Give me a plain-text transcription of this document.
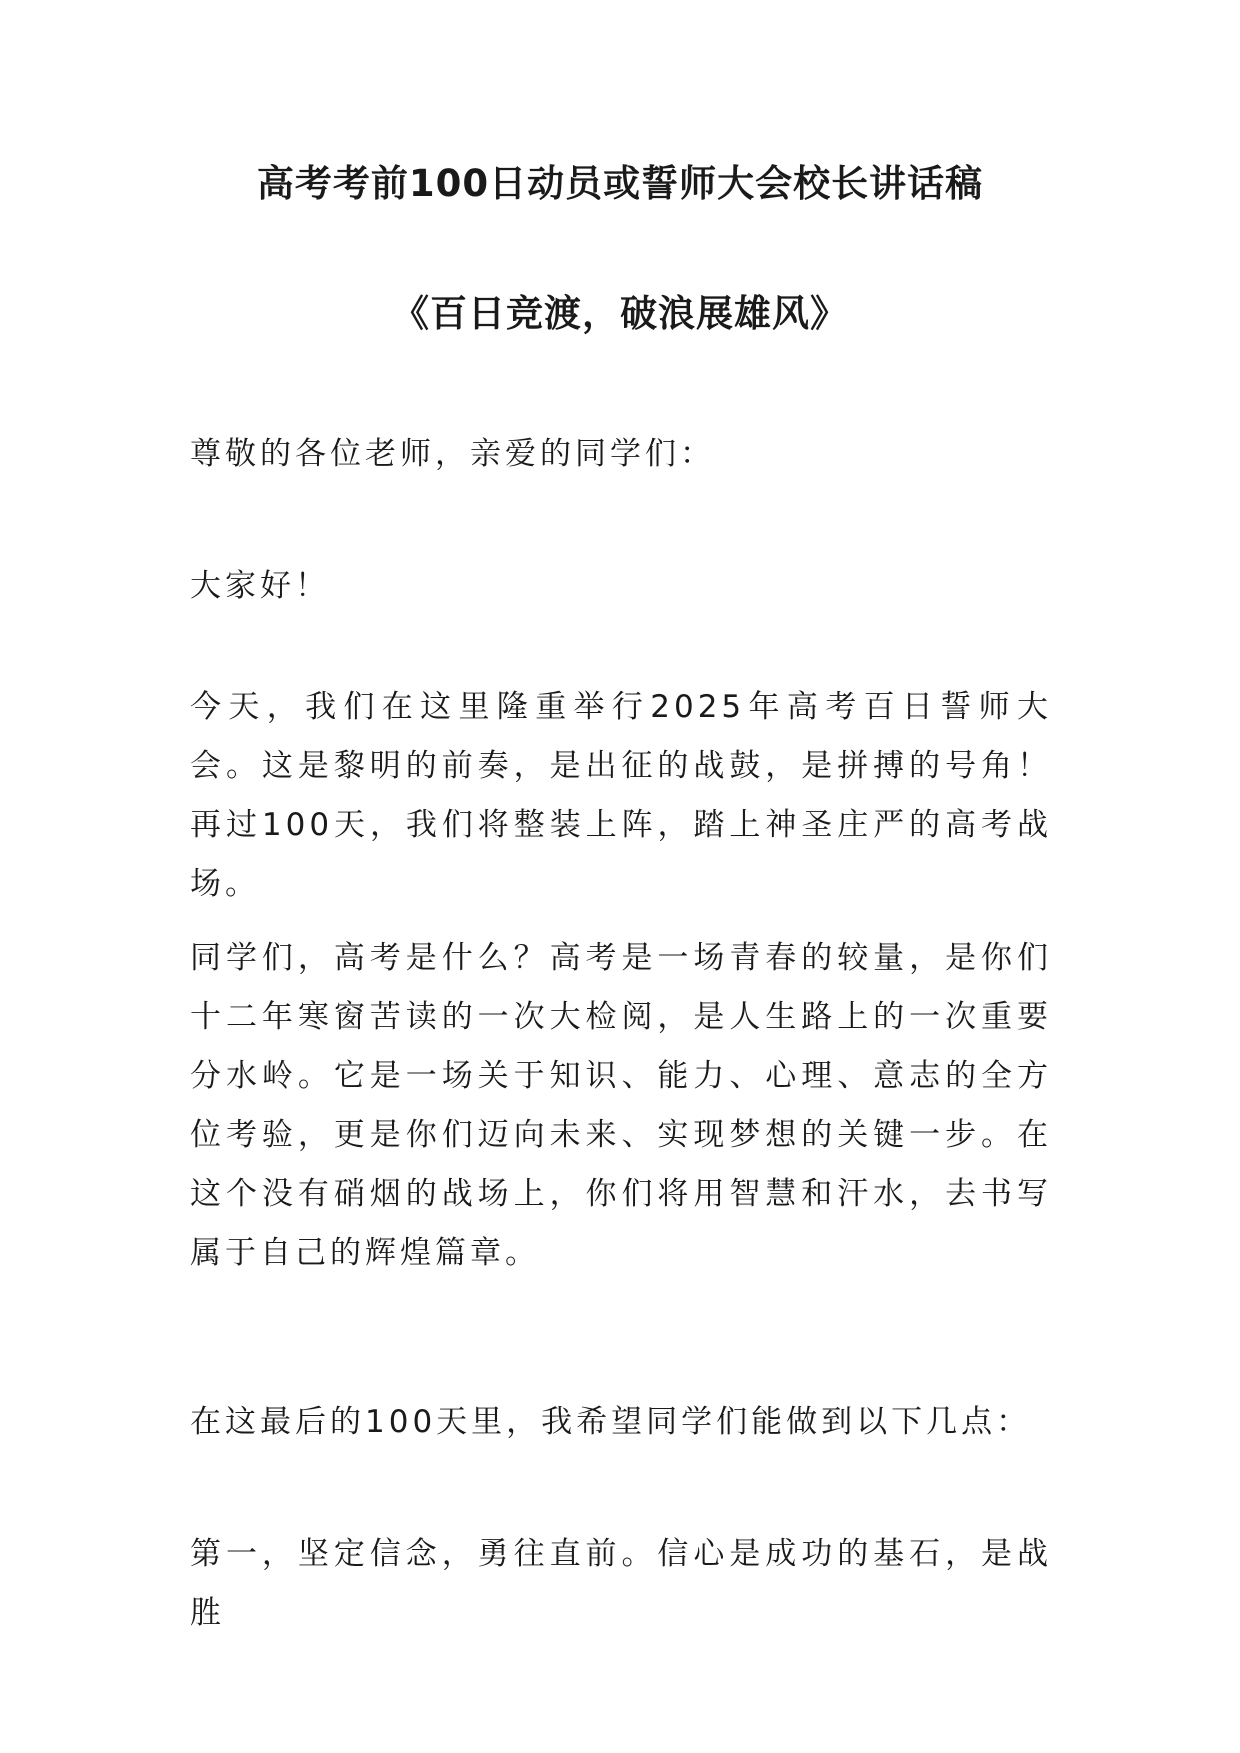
高考考前100日动员或誓师大会校长讲话稿
《百日竞渡，破浪展雄风》

尊敬的各位老师，亲爱的同学们：

大家好！

今天，我们在这里隆重举行2025年高考百日誓师大会。这是黎明的前奏，是出征的战鼓，是拼搏的号角！再过100天，我们将整装上阵，踏上神圣庄严的高考战场。

同学们，高考是什么？高考是一场青春的较量，是你们十二年寒窗苦读的一次大检阅，是人生路上的一次重要分水岭。它是一场关于知识、能力、心理、意志的全方位考验，更是你们迈向未来、实现梦想的关键一步。在这个没有硝烟的战场上，你们将用智慧和汗水，去书写属于自己的辉煌篇章。

在这最后的100天里，我希望同学们能做到以下几点：

第一，坚定信念，勇往直前。信心是成功的基石，是战胜
